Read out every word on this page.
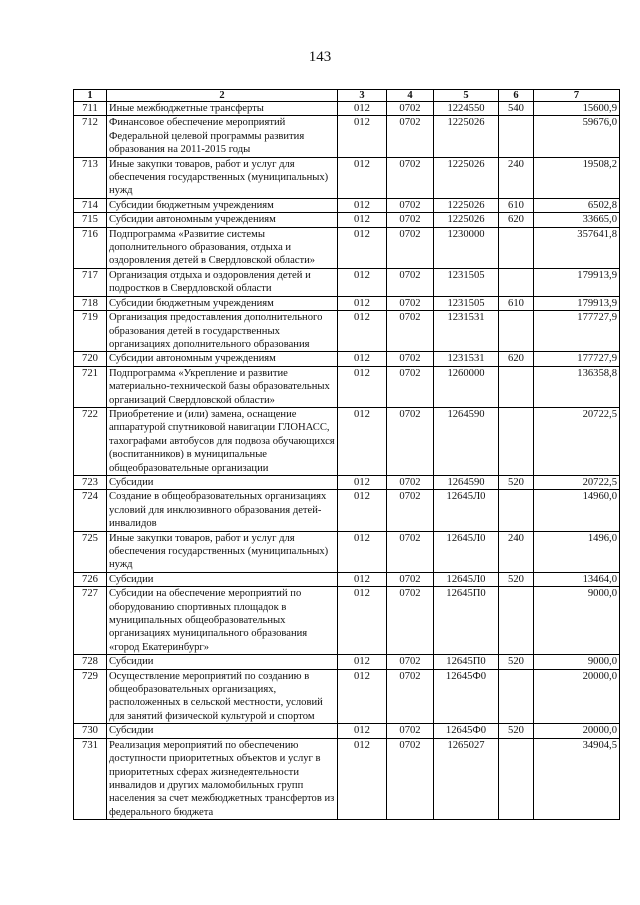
143
1	2	3	4	5	6	7
711	Иные межбюджетные трансферты	012	0702	1224550	540	15600,9
712	Финансовое обеспечение мероприятий Федеральной целевой программы развития образования на 2011-2015 годы	012	0702	1225026		59676,0
713	Иные закупки товаров, работ и услуг для обеспечения государственных (муниципальных) нужд	012	0702	1225026	240	19508,2
714	Субсидии бюджетным учреждениям	012	0702	1225026	610	6502,8
715	Субсидии автономным учреждениям	012	0702	1225026	620	33665,0
716	Подпрограмма «Развитие системы дополнительного образования, отдыха и оздоровления детей в Свердловской области»	012	0702	1230000		357641,8
717	Организация отдыха и оздоровления детей и подростков в Свердловской области	012	0702	1231505		179913,9
718	Субсидии бюджетным учреждениям	012	0702	1231505	610	179913,9
719	Организация предоставления дополнительного образования детей в государственных организациях дополнительного образования	012	0702	1231531		177727,9
720	Субсидии автономным учреждениям	012	0702	1231531	620	177727,9
721	Подпрограмма «Укрепление и развитие материально-технической базы образовательных организаций Свердловской области»	012	0702	1260000		136358,8
722	Приобретение и (или) замена, оснащение аппаратурой спутниковой навигации ГЛОНАСС, тахографами автобусов для подвоза обучающихся (воспитанников) в муниципальные общеобразовательные организации	012	0702	1264590		20722,5
723	Субсидии	012	0702	1264590	520	20722,5
724	Создание в общеобразовательных организациях условий для инклюзивного образования детей-инвалидов	012	0702	12645Л0		14960,0
725	Иные закупки товаров, работ и услуг для обеспечения государственных (муниципальных) нужд	012	0702	12645Л0	240	1496,0
726	Субсидии	012	0702	12645Л0	520	13464,0
727	Субсидии на обеспечение мероприятий по оборудованию спортивных площадок в муниципальных общеобразовательных организациях муниципального образования «город Екатеринбург»	012	0702	12645П0		9000,0
728	Субсидии	012	0702	12645П0	520	9000,0
729	Осуществление мероприятий по созданию в общеобразовательных организациях, расположенных в сельской местности, условий для занятий физической культурой и спортом	012	0702	12645Ф0		20000,0
730	Субсидии	012	0702	12645Ф0	520	20000,0
731	Реализация мероприятий по обеспечению доступности приоритетных объектов и услуг в приоритетных сферах жизнедеятельности инвалидов и других маломобильных групп населения за счет межбюджетных трансфертов из федерального бюджета	012	0702	1265027		34904,5
